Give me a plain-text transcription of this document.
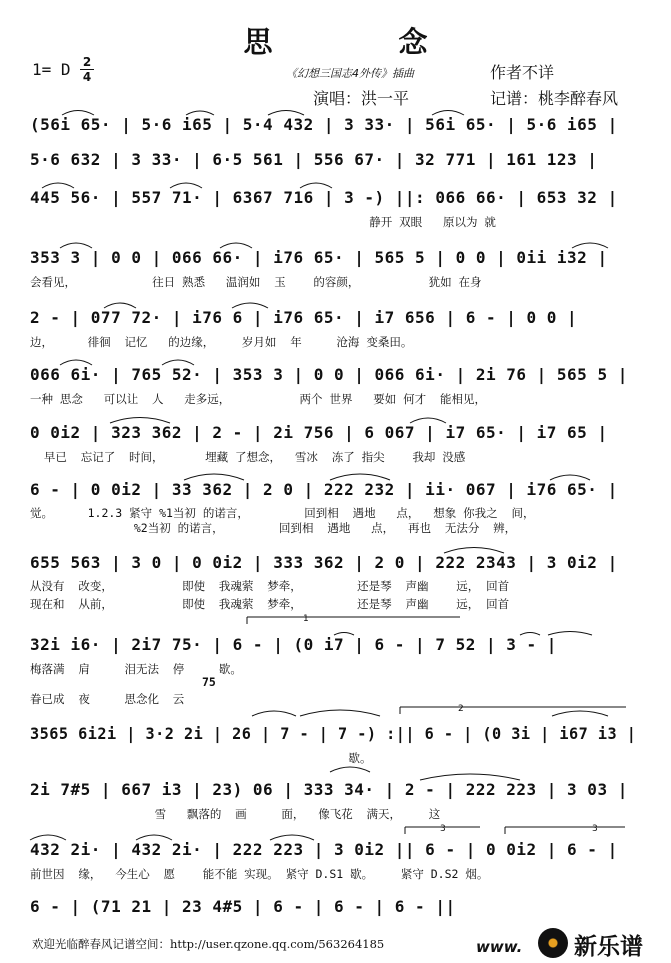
思 念
1= D 2
4	《幻想三国志4外传》插曲	作者不详
演唱：洪一平	记谱：桃李醉春风
(56i 65· | 5·6 i65 | 5·4 432 | 3 33· | 56i 65· | 5·6 i65 |
5·6 632 | 3 33· | 6·5 561 | 556 67· | 32 771 | 161 123 |
445 56· | 557 71· | 6367 716 | 3 -) ||: 066 66· | 653 32 |
静开 双眼   原以为 就
353 3 | 0 0 | 066 66· | i76 65· | 565 5 | 0 0 | 0ii i32 |
会看见，           往日 熟悉   温润如  玉    的容颜，          犹如 在身
2 - | 077 72· | i76 6 | i76 65· | i7 656 | 6 - | 0 0 |
边，     徘徊  记忆   的边缘，    岁月如  年     沧海 变桑田。
066 6i· | 765 52· | 353 3 | 0 0 | 066 6i· | 2i 76 | 565 5 |
一种 思念   可以让  人   走多远，          两个 世界   要如 何才  能相见，
0 0i2 | 323 362 | 2 - | 2i 756 | 6 067 | i7 65· | i7 65 |
早已  忘记了  时间，      埋藏 了想念，  雪冰  冻了 指尖    我却 没感
6 - | 0 0i2 | 33 362 | 2 0 | 222 232 | ii· 067 | i76 65· |
觉。     1.2.3 紧守 %1当初 的诺言，        回到相  遇地   点，  想象 你我之  间，
%2当初 的诺言，        回到相  遇地   点，  再也  无法分  辨，
655 563 | 3 0 | 0 0i2 | 333 362 | 2 0 | 222 2343 | 3 0i2 |
从没有  改变，          即使  我魂萦  梦牵，        还是琴  声幽    远， 回首
现在和  从前，          即使  我魂萦  梦牵，        还是琴  声幽    远， 回首
32i i6· | 2i7 75· | 6 - | (0 i7 | 6 - | 7 52 | 3 - |
梅落满  肩     泪无法  停     歇。
眷已成  夜     思念化  云
75
3565 6i2i | 3·2 2i | 26 | 7 - | 7 -) :|| 6 - | (0 3i | i67 i3 |
歇。
2i 7#5 | 667 i3 | 23) 06 | 333 34· | 2 - | 222 223 | 3 03 |
雪   飘落的  画     面，  像飞花  满天，    这
432 2i· | 432 2i· | 222 223 | 3 0i2 || 6 - | 0 0i2 | 6 - |
前世因  缘，  今生心  愿    能不能 实现。 紧守 D.S1 歇。    紧守 D.S2 烟。
6 - | (71 21 | 23 4#5 | 6 - | 6 - | 6 - ||
1
2
3	3
欢迎光临醉春风记谱空间：http://user.qzone.qq.com/563264185	www. 新乐谱
